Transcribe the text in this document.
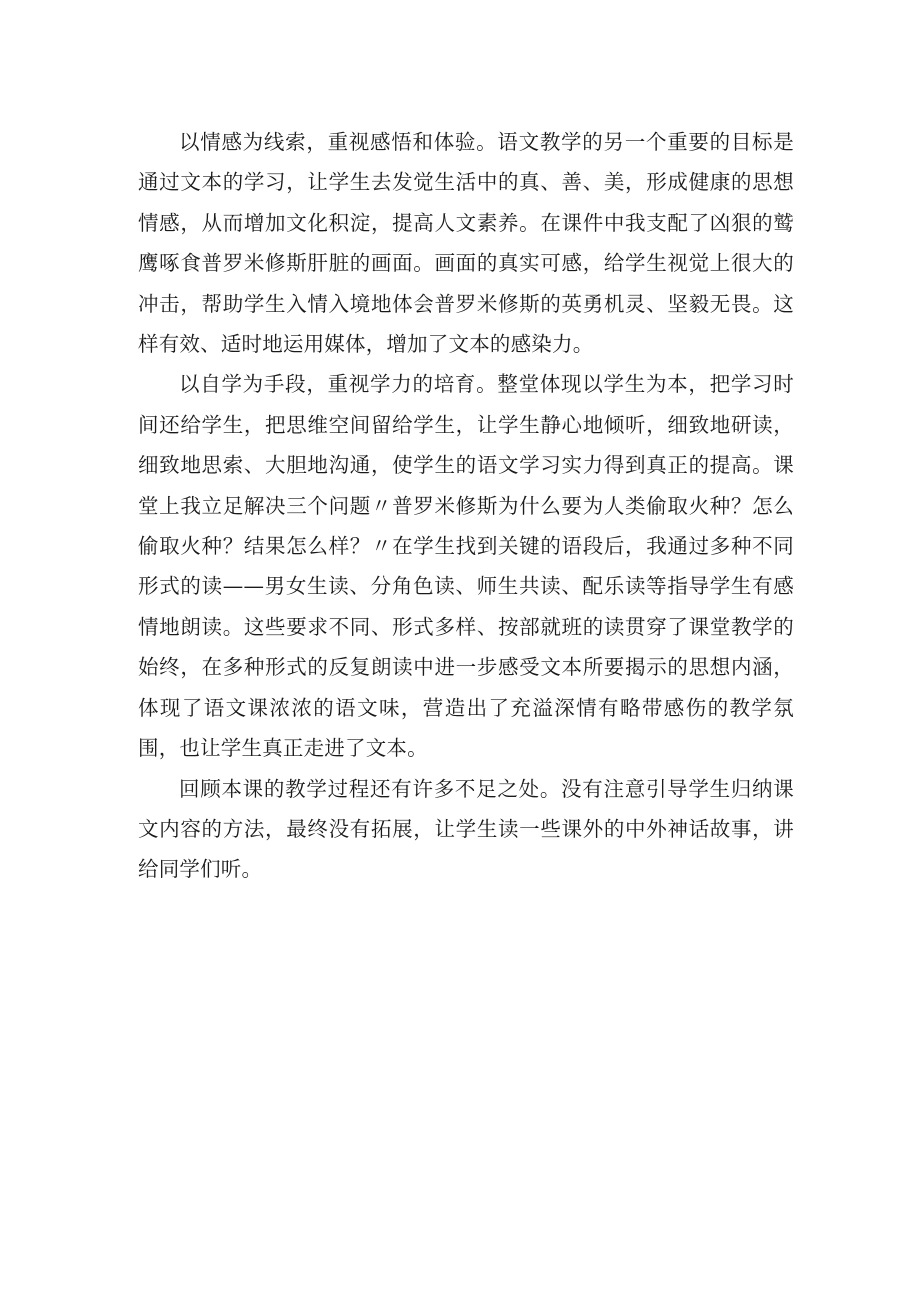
以情感为线索，重视感悟和体验。语文教学的另一个重要的目标是通过文本的学习，让学生去发觉生活中的真、善、美，形成健康的思想情感，从而增加文化积淀，提高人文素养。在课件中我支配了凶狠的鹫鹰啄食普罗米修斯肝脏的画面。画面的真实可感，给学生视觉上很大的冲击，帮助学生入情入境地体会普罗米修斯的英勇机灵、坚毅无畏。这样有效、适时地运用媒体，增加了文本的感染力。

以自学为手段，重视学力的培育。整堂体现以学生为本，把学习时间还给学生，把思维空间留给学生，让学生静心地倾听，细致地研读，细致地思索、大胆地沟通，使学生的语文学习实力得到真正的提高。课堂上我立足解决三个问题〃普罗米修斯为什么要为人类偷取火种？怎么偷取火种？结果怎么样？〃在学生找到关键的语段后，我通过多种不同形式的读——男女生读、分角色读、师生共读、配乐读等指导学生有感情地朗读。这些要求不同、形式多样、按部就班的读贯穿了课堂教学的始终，在多种形式的反复朗读中进一步感受文本所要揭示的思想内涵，体现了语文课浓浓的语文味，营造出了充溢深情有略带感伤的教学氛围，也让学生真正走进了文本。

回顾本课的教学过程还有许多不足之处。没有注意引导学生归纳课文内容的方法，最终没有拓展，让学生读一些课外的中外神话故事，讲给同学们听。
